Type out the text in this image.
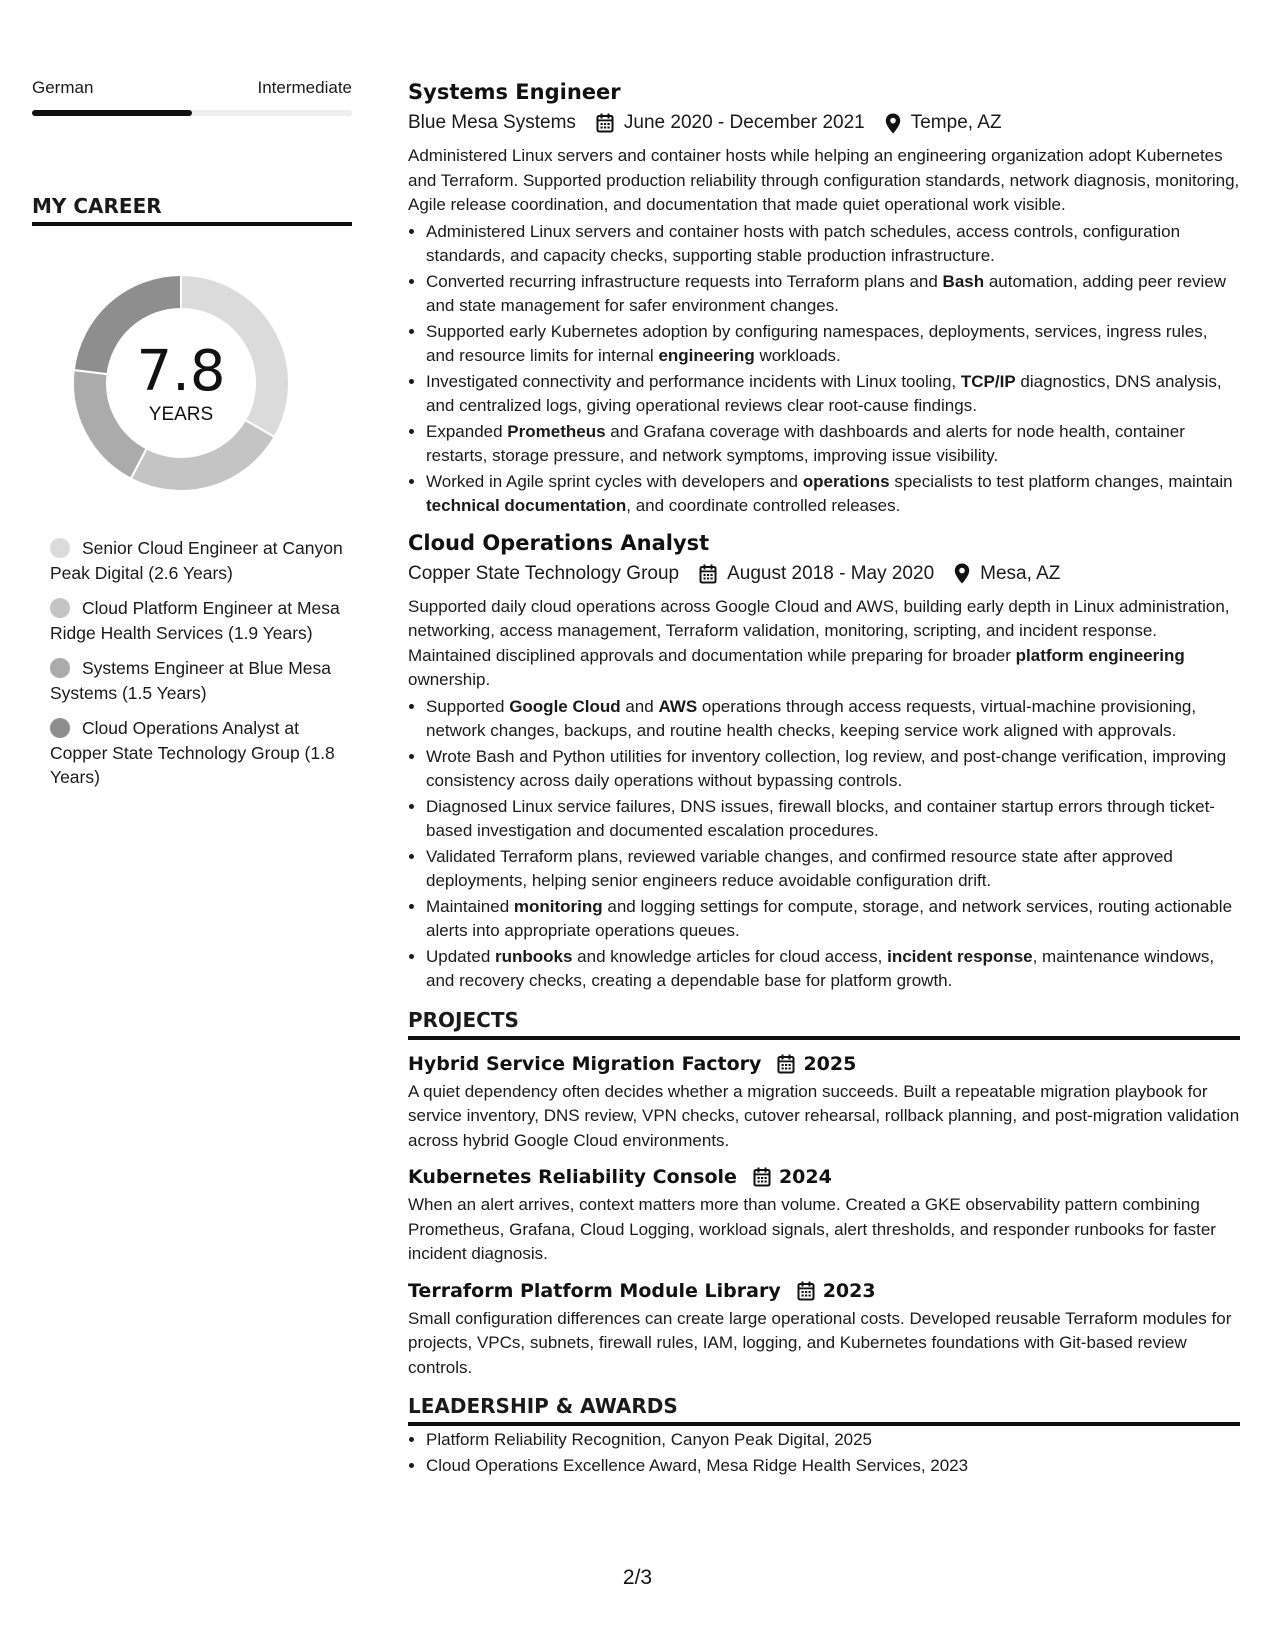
German	Intermediate
MY CAREER
7.8
YEARS
Senior Cloud Engineer at Canyon Peak Digital (2.6 Years)
Cloud Platform Engineer at Mesa Ridge Health Services (1.9 Years)
Systems Engineer at Blue Mesa Systems (1.5 Years)
Cloud Operations Analyst at Copper State Technology Group (1.8 Years)
Systems Engineer
Blue Mesa Systems	June 2020 - December 2021 Tempe, AZ
Administered Linux servers and container hosts while helping an engineering organization adopt Kubernetes and Terraform. Supported production reliability through configuration standards, network diagnosis, monitoring, Agile release coordination, and documentation that made quiet operational work visible.
• Administered Linux servers and container hosts with patch schedules, access controls, configuration standards, and capacity checks, supporting stable production infrastructure.
• Converted recurring infrastructure requests into Terraform plans and Bash automation, adding peer review and state management for safer environment changes.
• Supported early Kubernetes adoption by configuring namespaces, deployments, services, ingress rules, and resource limits for internal engineering workloads.
• Investigated connectivity and performance incidents with Linux tooling, TCP/IP diagnostics, DNS analysis, and centralized logs, giving operational reviews clear root-cause findings.
• Expanded Prometheus and Grafana coverage with dashboards and alerts for node health, container restarts, storage pressure, and network symptoms, improving issue visibility.
• Worked in Agile sprint cycles with developers and operations specialists to test platform changes, maintain technical documentation, and coordinate controlled releases.
Cloud Operations Analyst
Copper State Technology Group	August 2018 - May 2020 Mesa, AZ
Supported daily cloud operations across Google Cloud and AWS, building early depth in Linux administration, networking, access management, Terraform validation, monitoring, scripting, and incident response. Maintained disciplined approvals and documentation while preparing for broader platform engineering ownership.
• Supported Google Cloud and AWS operations through access requests, virtual-machine provisioning, network changes, backups, and routine health checks, keeping service work aligned with approvals.
• Wrote Bash and Python utilities for inventory collection, log review, and post-change verification, improving consistency across daily operations without bypassing controls.
• Diagnosed Linux service failures, DNS issues, firewall blocks, and container startup errors through ticket-based investigation and documented escalation procedures.
• Validated Terraform plans, reviewed variable changes, and confirmed resource state after approved deployments, helping senior engineers reduce avoidable configuration drift.
• Maintained monitoring and logging settings for compute, storage, and network services, routing actionable alerts into appropriate operations queues.
• Updated runbooks and knowledge articles for cloud access, incident response, maintenance windows, and recovery checks, creating a dependable base for platform growth.
PROJECTS
Hybrid Service Migration Factory 2025
A quiet dependency often decides whether a migration succeeds. Built a repeatable migration playbook for service inventory, DNS review, VPN checks, cutover rehearsal, rollback planning, and post-migration validation across hybrid Google Cloud environments.
Kubernetes Reliability Console 2024
When an alert arrives, context matters more than volume. Created a GKE observability pattern combining Prometheus, Grafana, Cloud Logging, workload signals, alert thresholds, and responder runbooks for faster incident diagnosis.
Terraform Platform Module Library 2023
Small configuration differences can create large operational costs. Developed reusable Terraform modules for projects, VPCs, subnets, firewall rules, IAM, logging, and Kubernetes foundations with Git-based review controls.
LEADERSHIP & AWARDS
• Platform Reliability Recognition, Canyon Peak Digital, 2025
• Cloud Operations Excellence Award, Mesa Ridge Health Services, 2023
2/3
